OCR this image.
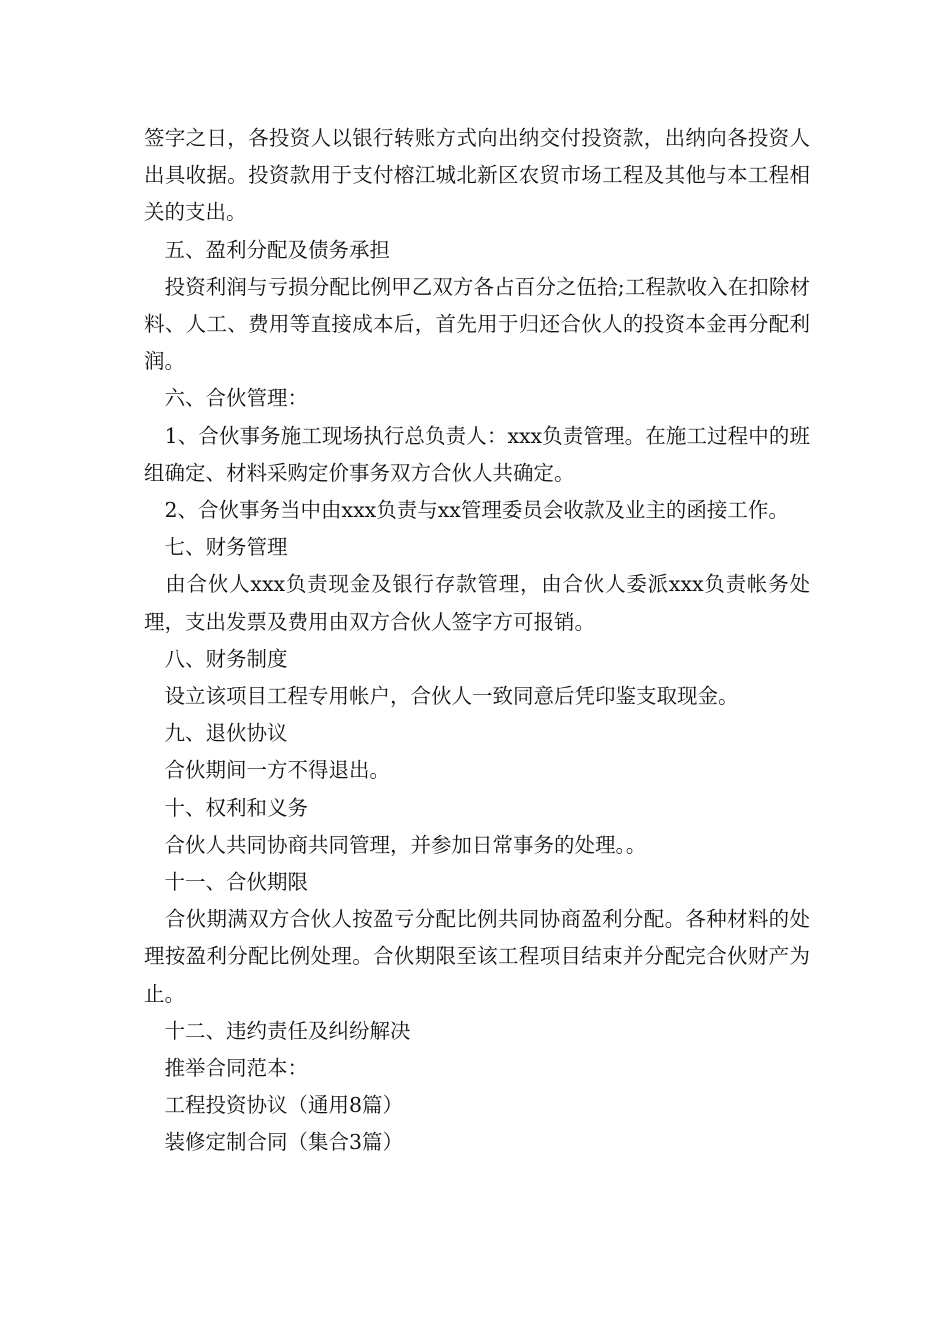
签字之日，各投资人以银行转账方式向出纳交付投资款，出纳向各投资人出具收据。投资款用于支付榕江城北新区农贸市场工程及其他与本工程相关的支出。

　五、盈利分配及债务承担

　投资利润与亏损分配比例甲乙双方各占百分之伍拾;工程款收入在扣除材料、人工、费用等直接成本后，首先用于归还合伙人的投资本金再分配利润。

　六、合伙管理：

　1、合伙事务施工现场执行总负责人：xxx负责管理。在施工过程中的班组确定、材料采购定价事务双方合伙人共确定。

　2、合伙事务当中由xxx负责与xx管理委员会收款及业主的函接工作。

　七、财务管理

　由合伙人xxx负责现金及银行存款管理，由合伙人委派xxx负责帐务处理，支出发票及费用由双方合伙人签字方可报销。

　八、财务制度

　设立该项目工程专用帐户，合伙人一致同意后凭印鉴支取现金。

　九、退伙协议

　合伙期间一方不得退出。

　十、权利和义务

　合伙人共同协商共同管理，并参加日常事务的处理。。

　十一、合伙期限

　合伙期满双方合伙人按盈亏分配比例共同协商盈利分配。各种材料的处理按盈利分配比例处理。合伙期限至该工程项目结束并分配完合伙财产为止。

　十二、违约责任及纠纷解决

　推举合同范本：

　工程投资协议（通用8篇）

　装修定制合同（集合3篇）
